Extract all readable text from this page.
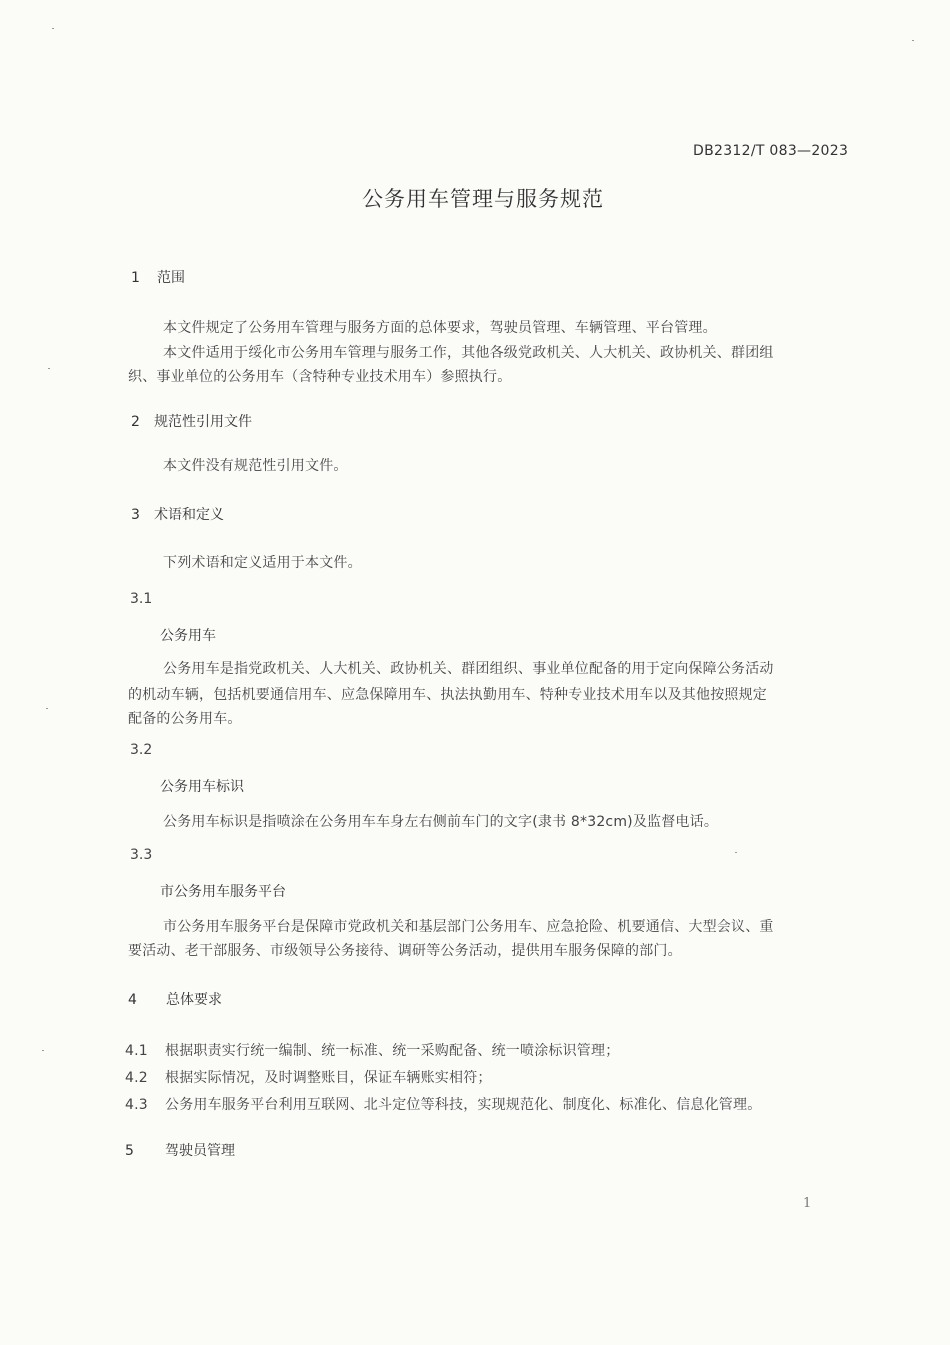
DB2312/T 083—2023
公务用车管理与服务规范
1 范围
本文件规定了公务用车管理与服务方面的总体要求，驾驶员管理、车辆管理、平台管理。
本文件适用于绥化市公务用车管理与服务工作，其他各级党政机关、人大机关、政协机关、群团组
织、事业单位的公务用车（含特种专业技术用车）参照执行。
2 规范性引用文件
本文件没有规范性引用文件。
3 术语和定义
下列术语和定义适用于本文件。
3.1
公务用车
公务用车是指党政机关、人大机关、政协机关、群团组织、事业单位配备的用于定向保障公务活动
的机动车辆，包括机要通信用车、应急保障用车、执法执勤用车、特种专业技术用车以及其他按照规定
配备的公务用车。
3.2
公务用车标识
公务用车标识是指喷涂在公务用车车身左右侧前车门的文字(隶书 8*32cm)及监督电话。
3.3
市公务用车服务平台
市公务用车服务平台是保障市党政机关和基层部门公务用车、应急抢险、机要通信、大型会议、重
要活动、老干部服务、市级领导公务接待、调研等公务活动，提供用车服务保障的部门。
4 总体要求
4.1 根据职责实行统一编制、统一标准、统一采购配备、统一喷涂标识管理；
4.2 根据实际情况，及时调整账目，保证车辆账实相符；
4.3 公务用车服务平台利用互联网、北斗定位等科技，实现规范化、制度化、标准化、信息化管理。
5 驾驶员管理
1
